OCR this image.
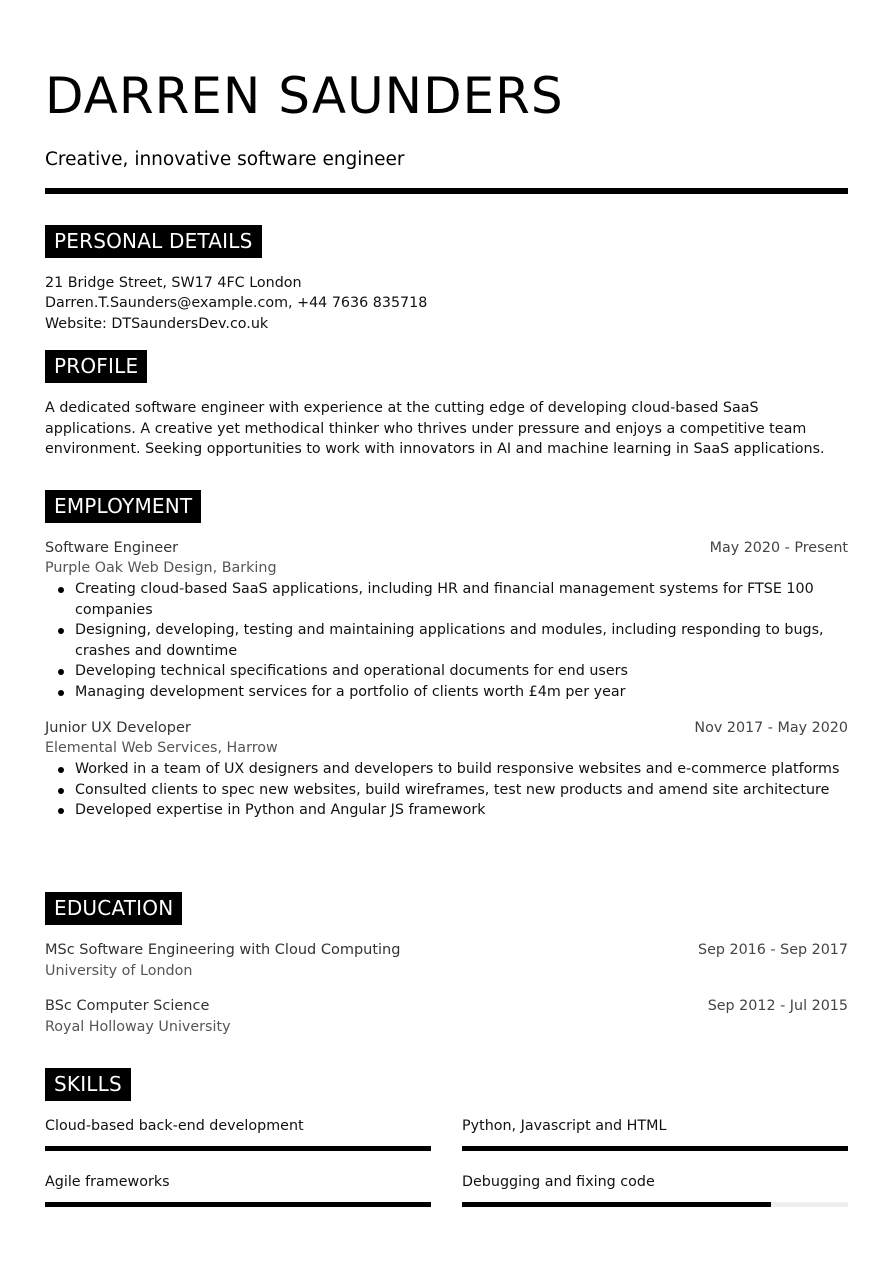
DARREN SAUNDERS
Creative, innovative software engineer
PERSONAL DETAILS
21 Bridge Street, SW17 4FC London
Darren.T.Saunders@example.com, +44 7636 835718
Website: DTSaundersDev.co.uk
PROFILE
A dedicated software engineer with experience at the cutting edge of developing cloud-based SaaS applications. A creative yet methodical thinker who thrives under pressure and enjoys a competitive team environment. Seeking opportunities to work with innovators in AI and machine learning in SaaS applications.
EMPLOYMENT
Software Engineer	May 2020 - Present
Purple Oak Web Design, Barking
Creating cloud-based SaaS applications, including HR and financial management systems for FTSE 100 companies
Designing, developing, testing and maintaining applications and modules, including responding to bugs, crashes and downtime
Developing technical specifications and operational documents for end users
Managing development services for a portfolio of clients worth £4m per year
Junior UX Developer	Nov 2017 - May 2020
Elemental Web Services, Harrow
Worked in a team of UX designers and developers to build responsive websites and e-commerce platforms
Consulted clients to spec new websites, build wireframes, test new products and amend site architecture
Developed expertise in Python and Angular JS framework
EDUCATION
MSc Software Engineering with Cloud Computing	Sep 2016 - Sep 2017
University of London
BSc Computer Science	Sep 2012 - Jul 2015
Royal Holloway University
SKILLS
Cloud-based back-end development	Python, Javascript and HTML
Agile frameworks	Debugging and fixing code
